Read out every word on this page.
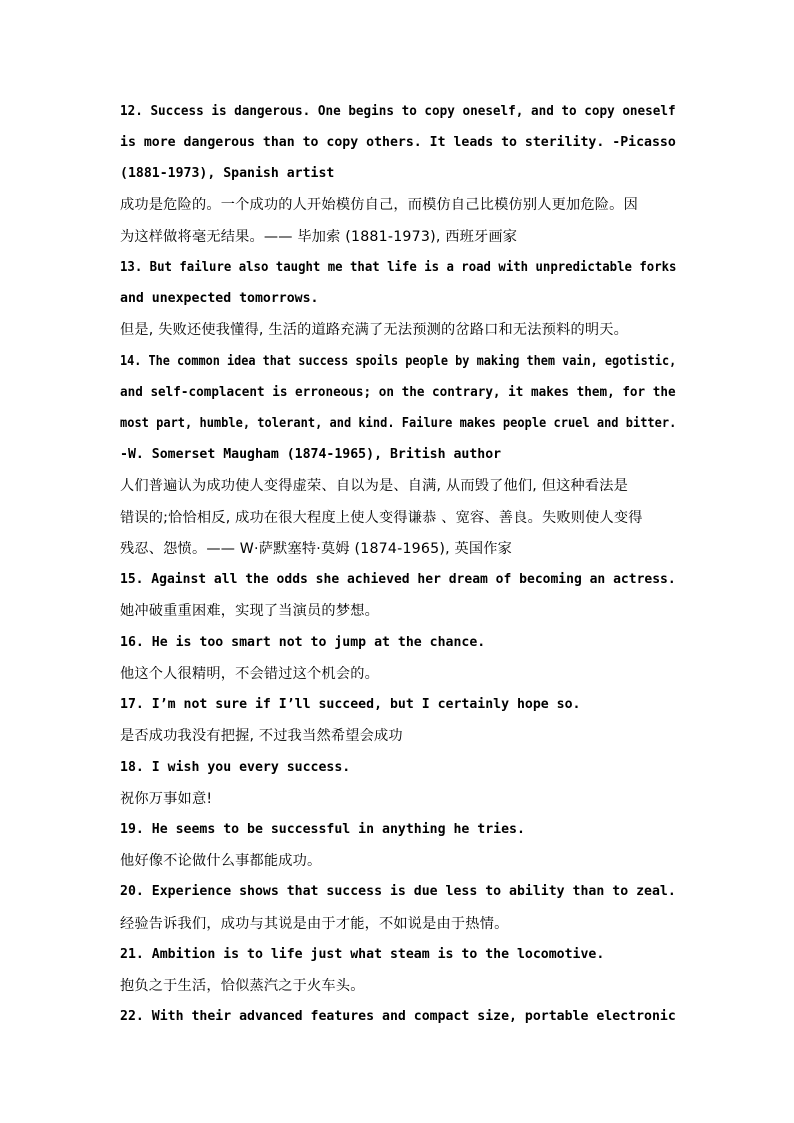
12. Success is dangerous. One begins to copy oneself, and to copy oneself
is more dangerous than to copy others. It leads to sterility. -Picasso
(1881-1973), Spanish artist
成功是危险的。一个成功的人开始模仿自己，而模仿自己比模仿别人更加危险。因
为这样做将毫无结果。—— 毕加索 (1881-1973), 西班牙画家
13. But failure also taught me that life is a road with unpredictable forks
and unexpected tomorrows.
但是, 失败还使我懂得, 生活的道路充满了无法预测的岔路口和无法预料的明天。
14. The common idea that success spoils people by making them vain, egotistic,
and self-complacent is erroneous; on the contrary, it makes them, for the
most part, humble, tolerant, and kind. Failure makes people cruel and bitter.
-W. Somerset Maugham (1874-1965), British author
人们普遍认为成功使人变得虚荣、自以为是、自满, 从而毁了他们, 但这种看法是
错误的;恰恰相反, 成功在很大程度上使人变得谦恭 、宽容、善良。失败则使人变得
残忍、怨愤。—— W·萨默塞特·莫姆 (1874-1965), 英国作家
15. Against all the odds she achieved her dream of becoming an actress.
她冲破重重困难，实现了当演员的梦想。
16. He is too smart not to jump at the chance.
他这个人很精明，不会错过这个机会的。
17. I’m not sure if I’ll succeed, but I certainly hope so.
是否成功我没有把握, 不过我当然希望会成功
18. I wish you every success.
祝你万事如意!
19. He seems to be successful in anything he tries.
他好像不论做什么事都能成功。
20. Experience shows that success is due less to ability than to zeal.
经验告诉我们，成功与其说是由于才能，不如说是由于热情。
21. Ambition is to life just what steam is to the locomotive.
抱负之于生活，恰似蒸汽之于火车头。
22. With their advanced features and compact size, portable electronic
